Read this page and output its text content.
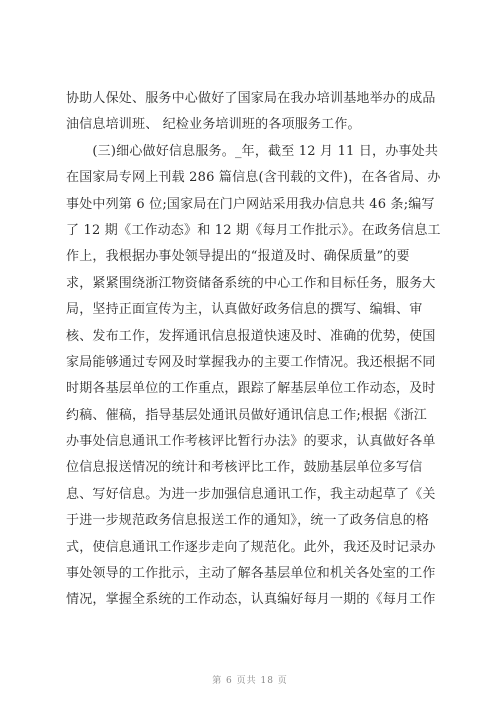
协助人保处、服务中心做好了国家局在我办培训基地举办的成品
油信息培训班、 纪检业务培训班的各项服务工作。
　　(三)细心做好信息服务。_年，截至 12 月 11 日，办事处共
在国家局专网上刊载 286 篇信息(含刊载的文件)，在各省局、办
事处中列第 6 位;国家局在门户网站采用我办信息共 46 条;编写
了 12 期《工作动态》和 12 期《每月工作批示》。在政务信息工
作上，我根据办事处领导提出的“报道及时、确保质量”的要
求，紧紧围绕浙江物资储备系统的中心工作和目标任务，服务大
局，坚持正面宣传为主，认真做好政务信息的撰写、编辑、审
核、发布工作，发挥通讯信息报道快速及时、准确的优势，使国
家局能够通过专网及时掌握我办的主要工作情况。我还根据不同
时期各基层单位的工作重点，跟踪了解基层单位工作动态，及时
约稿、催稿，指导基层处通讯员做好通讯信息工作;根据《浙江
办事处信息通讯工作考核评比暂行办法》的要求，认真做好各单
位信息报送情况的统计和考核评比工作，鼓励基层单位多写信
息、写好信息。为进一步加强信息通讯工作，我主动起草了《关
于进一步规范政务信息报送工作的通知》，统一了政务信息的格
式，使信息通讯工作逐步走向了规范化。此外，我还及时记录办
事处领导的工作批示，主动了解各基层单位和机关各处室的工作
情况，掌握全系统的工作动态，认真编好每月一期的《每月工作
第 6 页共 18 页
